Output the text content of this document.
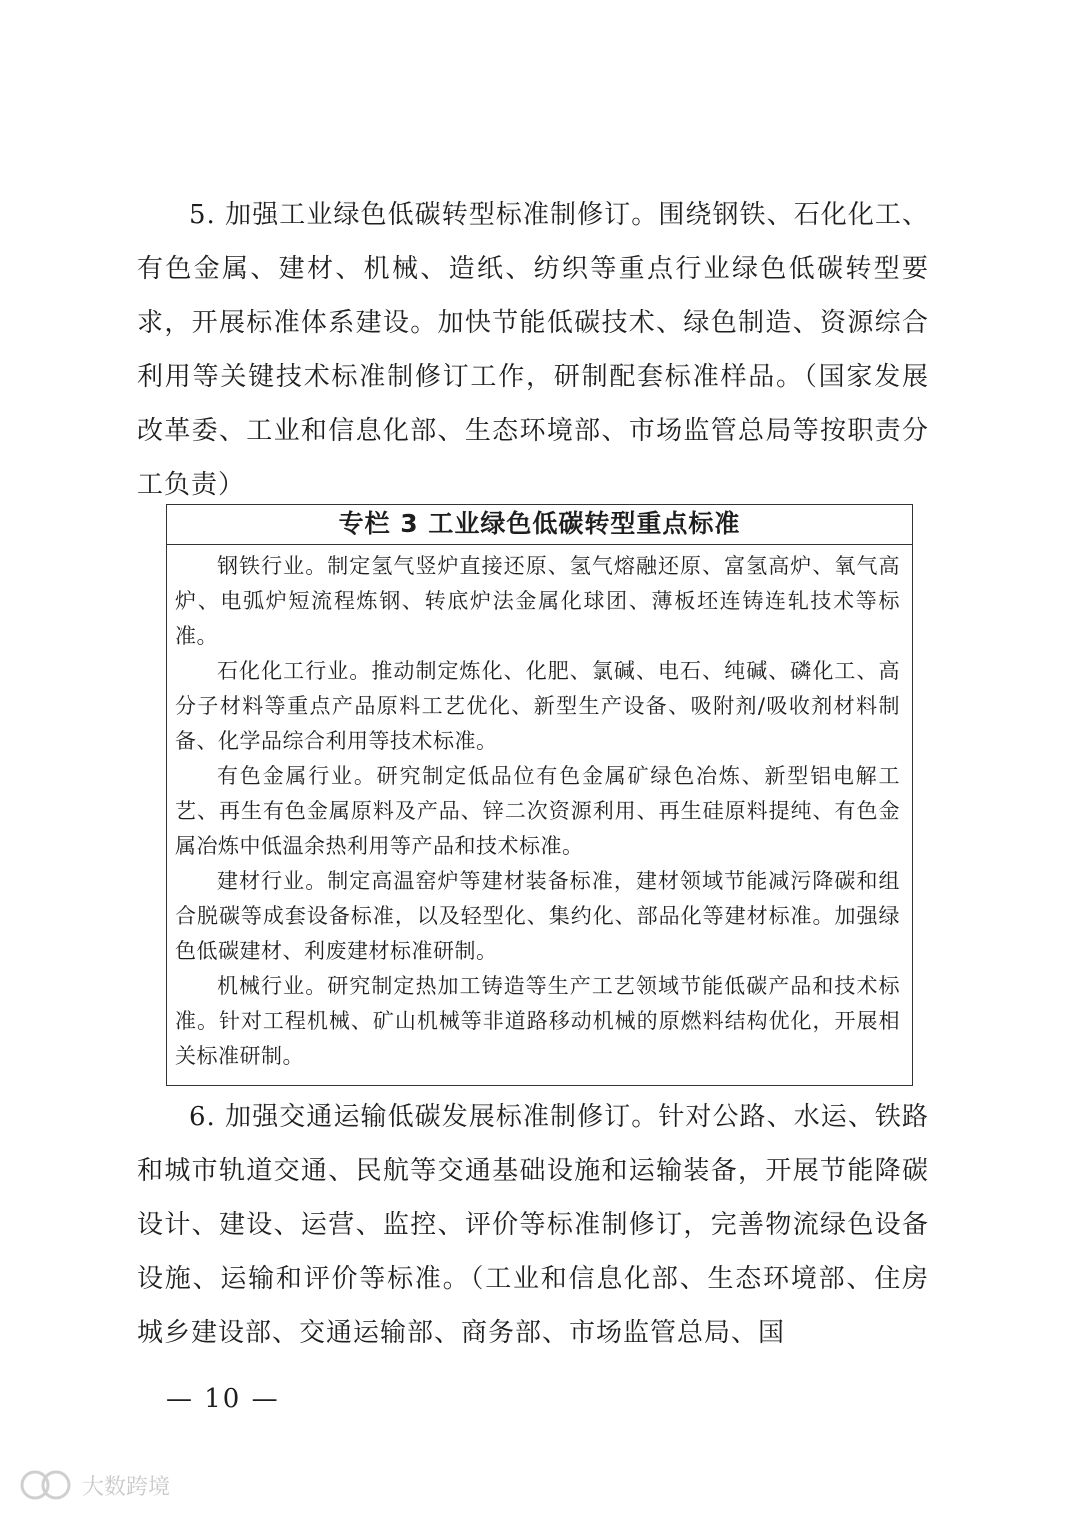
5. 加强工业绿色低碳转型标准制修订。围绕钢铁、石化化工、有色金属、建材、机械、造纸、纺织等重点行业绿色低碳转型要求，开展标准体系建设。加快节能低碳技术、绿色制造、资源综合利用等关键技术标准制修订工作，研制配套标准样品。（国家发展改革委、工业和信息化部、生态环境部、市场监管总局等按职责分工负责）

专栏 3 工业绿色低碳转型重点标准

钢铁行业。制定氢气竖炉直接还原、氢气熔融还原、富氢高炉、氧气高炉、电弧炉短流程炼钢、转底炉法金属化球团、薄板坯连铸连轧技术等标准。

石化化工行业。推动制定炼化、化肥、氯碱、电石、纯碱、磷化工、高分子材料等重点产品原料工艺优化、新型生产设备、吸附剂/吸收剂材料制备、化学品综合利用等技术标准。

有色金属行业。研究制定低品位有色金属矿绿色冶炼、新型铝电解工艺、再生有色金属原料及产品、锌二次资源利用、再生硅原料提纯、有色金属冶炼中低温余热利用等产品和技术标准。

建材行业。制定高温窑炉等建材装备标准，建材领域节能减污降碳和组合脱碳等成套设备标准，以及轻型化、集约化、部品化等建材标准。加强绿色低碳建材、利废建材标准研制。

机械行业。研究制定热加工铸造等生产工艺领域节能低碳产品和技术标准。针对工程机械、矿山机械等非道路移动机械的原燃料结构优化，开展相关标准研制。

6. 加强交通运输低碳发展标准制修订。针对公路、水运、铁路和城市轨道交通、民航等交通基础设施和运输装备，开展节能降碳设计、建设、运营、监控、评价等标准制修订，完善物流绿色设备设施、运输和评价等标准。（工业和信息化部、生态环境部、住房城乡建设部、交通运输部、商务部、市场监管总局、国

— 10 —
大数跨境
